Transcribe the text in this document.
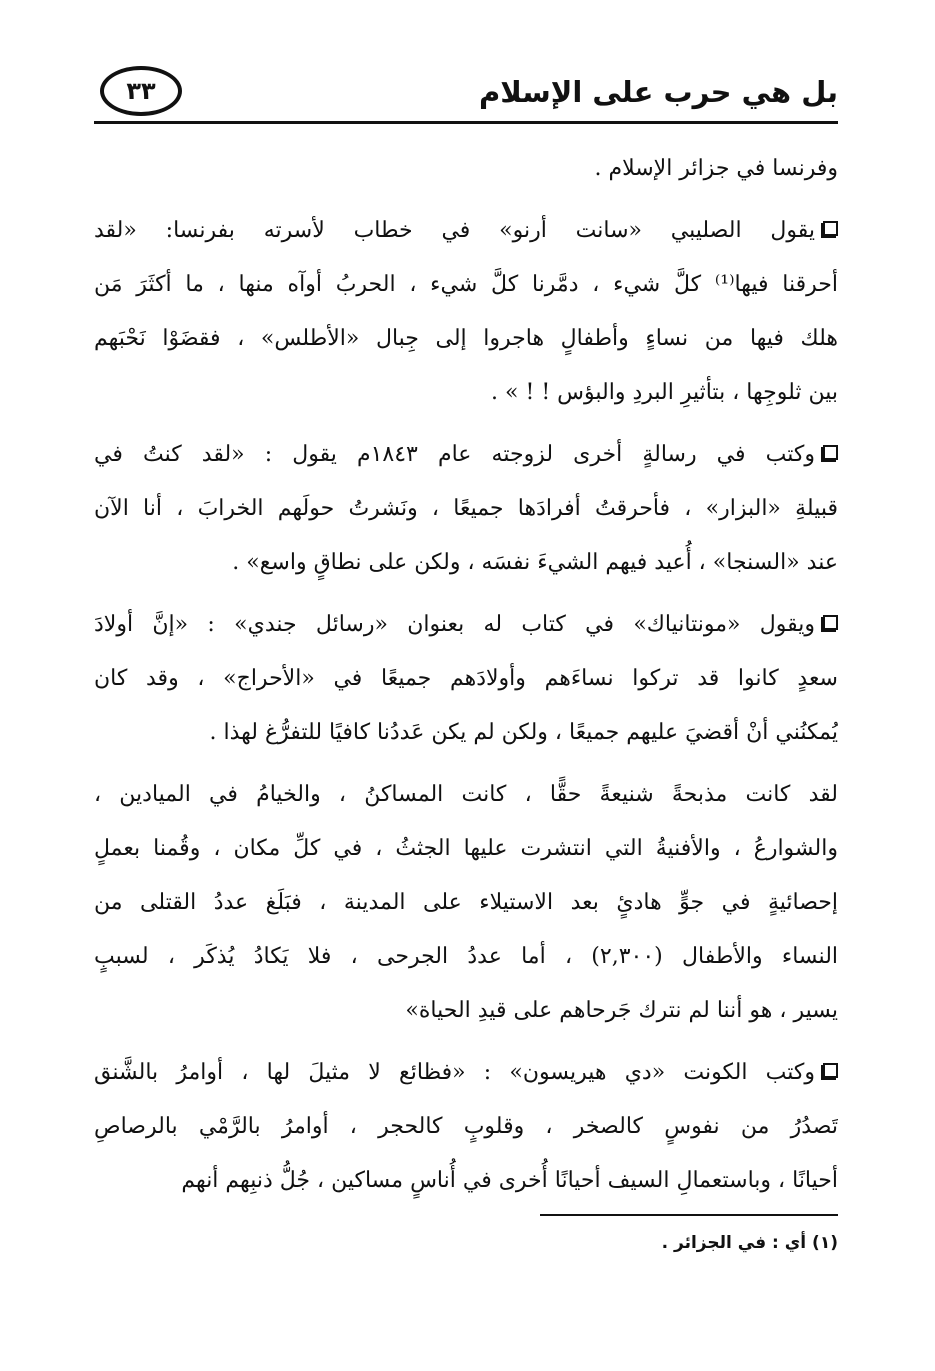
٣٣	بل هي حرب على الإسلام
وفرنسا في جزائر الإسلام .
يقول الصليبي «سانت أرنو» في خطاب لأسرته بفرنسا: «لقد
أحرقنا فيها⁽¹⁾ كلَّ شيء ، دمَّرنا كلَّ شيء ، الحربُ أوآه منها ، ما أكثَرَ مَن
هلك فيها من نساءٍ وأطفالٍ هاجروا إلى جِبال «الأطلس» ، فقضَوْا نَحْبَهم
بين ثلوجِها ، بتأثيرِ البردِ والبؤس ! ! » .
وكتب في رسالةٍ أخرى لزوجته عام ١٨٤٣م يقول : «لقد كنتُ في
قبيلةِ «البزار» ، فأحرقتُ أفرادَها جميعًا ، ونَشرتُ حولَهم الخرابَ ، أنا الآن
عند «السنجا» ، أُعيد فيهم الشيءَ نفسَه ، ولكن على نطاقٍ واسع» .
ويقول «مونتانياك» في كتاب له بعنوان «رسائل جندي» : «إنَّ أولادَ
سعدٍ كانوا قد تركوا نساءَهم وأولادَهم جميعًا في «الأحراج» ، وقد كان
يُمكنُني أنْ أقضيَ عليهم جميعًا ، ولكن لم يكن عَددُنا كافيًا للتفرُّغ لهذا .
لقد كانت مذبحةً شنيعةً حقًّا ، كانت المساكنُ ، والخيامُ في الميادين ،
والشوارعُ ، والأفنيةُ التي انتشرت عليها الجثثُ ، في كلِّ مكان ، وقُمنا بعملٍ
إحصائيةٍ في جوٍّ هادئٍ بعد الاستيلاء على المدينة ، فبَلَغ عددُ القتلى من
النساء والأطفال (٢,٣٠٠) ، أما عددُ الجرحى ، فلا يَكادُ يُذكَر ، لسببٍ
يسير ، هو أننا لم نترك جَرحاهم على قيدِ الحياة»
وكتب الكونت «دي هيريسون» : «فظائع لا مثيلَ لها ، أوامرُ بالشَّنق
تَصدُرُ من نفوسٍ كالصخر ، وقلوبٍ كالحجر ، أوامرُ بالرَّمْي بالرصاصِ
أحيانًا ، وباستعمالِ السيف أحيانًا أُخرى في أُناسٍ مساكين ، جُلُّ ذنبِهم أنهم
(١) أي : في الجزائر .
